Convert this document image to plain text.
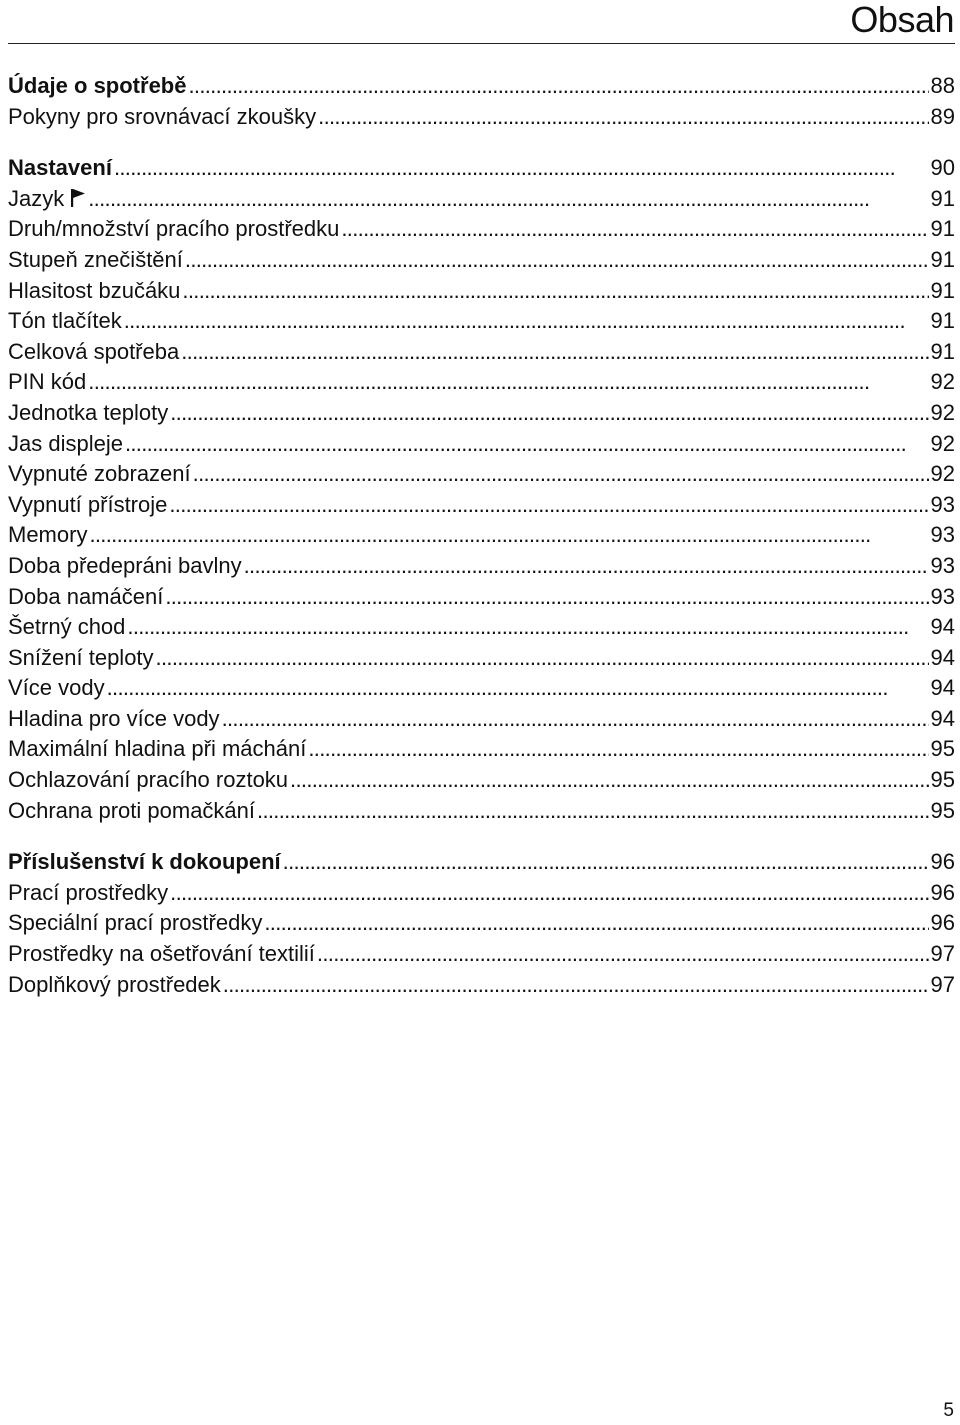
Obsah
Údaje o spotřebě . . .	88
Pokyny pro srovnávací zkoušky . . .	89
Nastavení . . .	90
Jazyk . . .	91
Druh/množství pracího prostředku . . .	91
Stupeň znečištění . . .	91
Hlasitost bzučáku . . .	91
Tón tlačítek . . .	91
Celková spotřeba . . .	91
PIN kód . . .	92
Jednotka teploty . . .	92
Jas displeje . . .	92
Vypnuté zobrazení . . .	92
Vypnutí přístroje . . .	93
Memory . . .	93
Doba předepráni bavlny . . .	93
Doba namáčení . . .	93
Šetrný chod . . .	94
Snížení teploty . . .	94
Více vody . . .	94
Hladina pro více vody . . .	94
Maximální hladina při máchání . . .	95
Ochlazování pracího roztoku . . .	95
Ochrana proti pomačkání . . .	95
Příslušenství k dokoupení . . .	96
Prací prostředky . . .	96
Speciální prací prostředky . . .	96
Prostředky na ošetřování textilií . . .	97
Doplňkový prostředek . . .	97
5
